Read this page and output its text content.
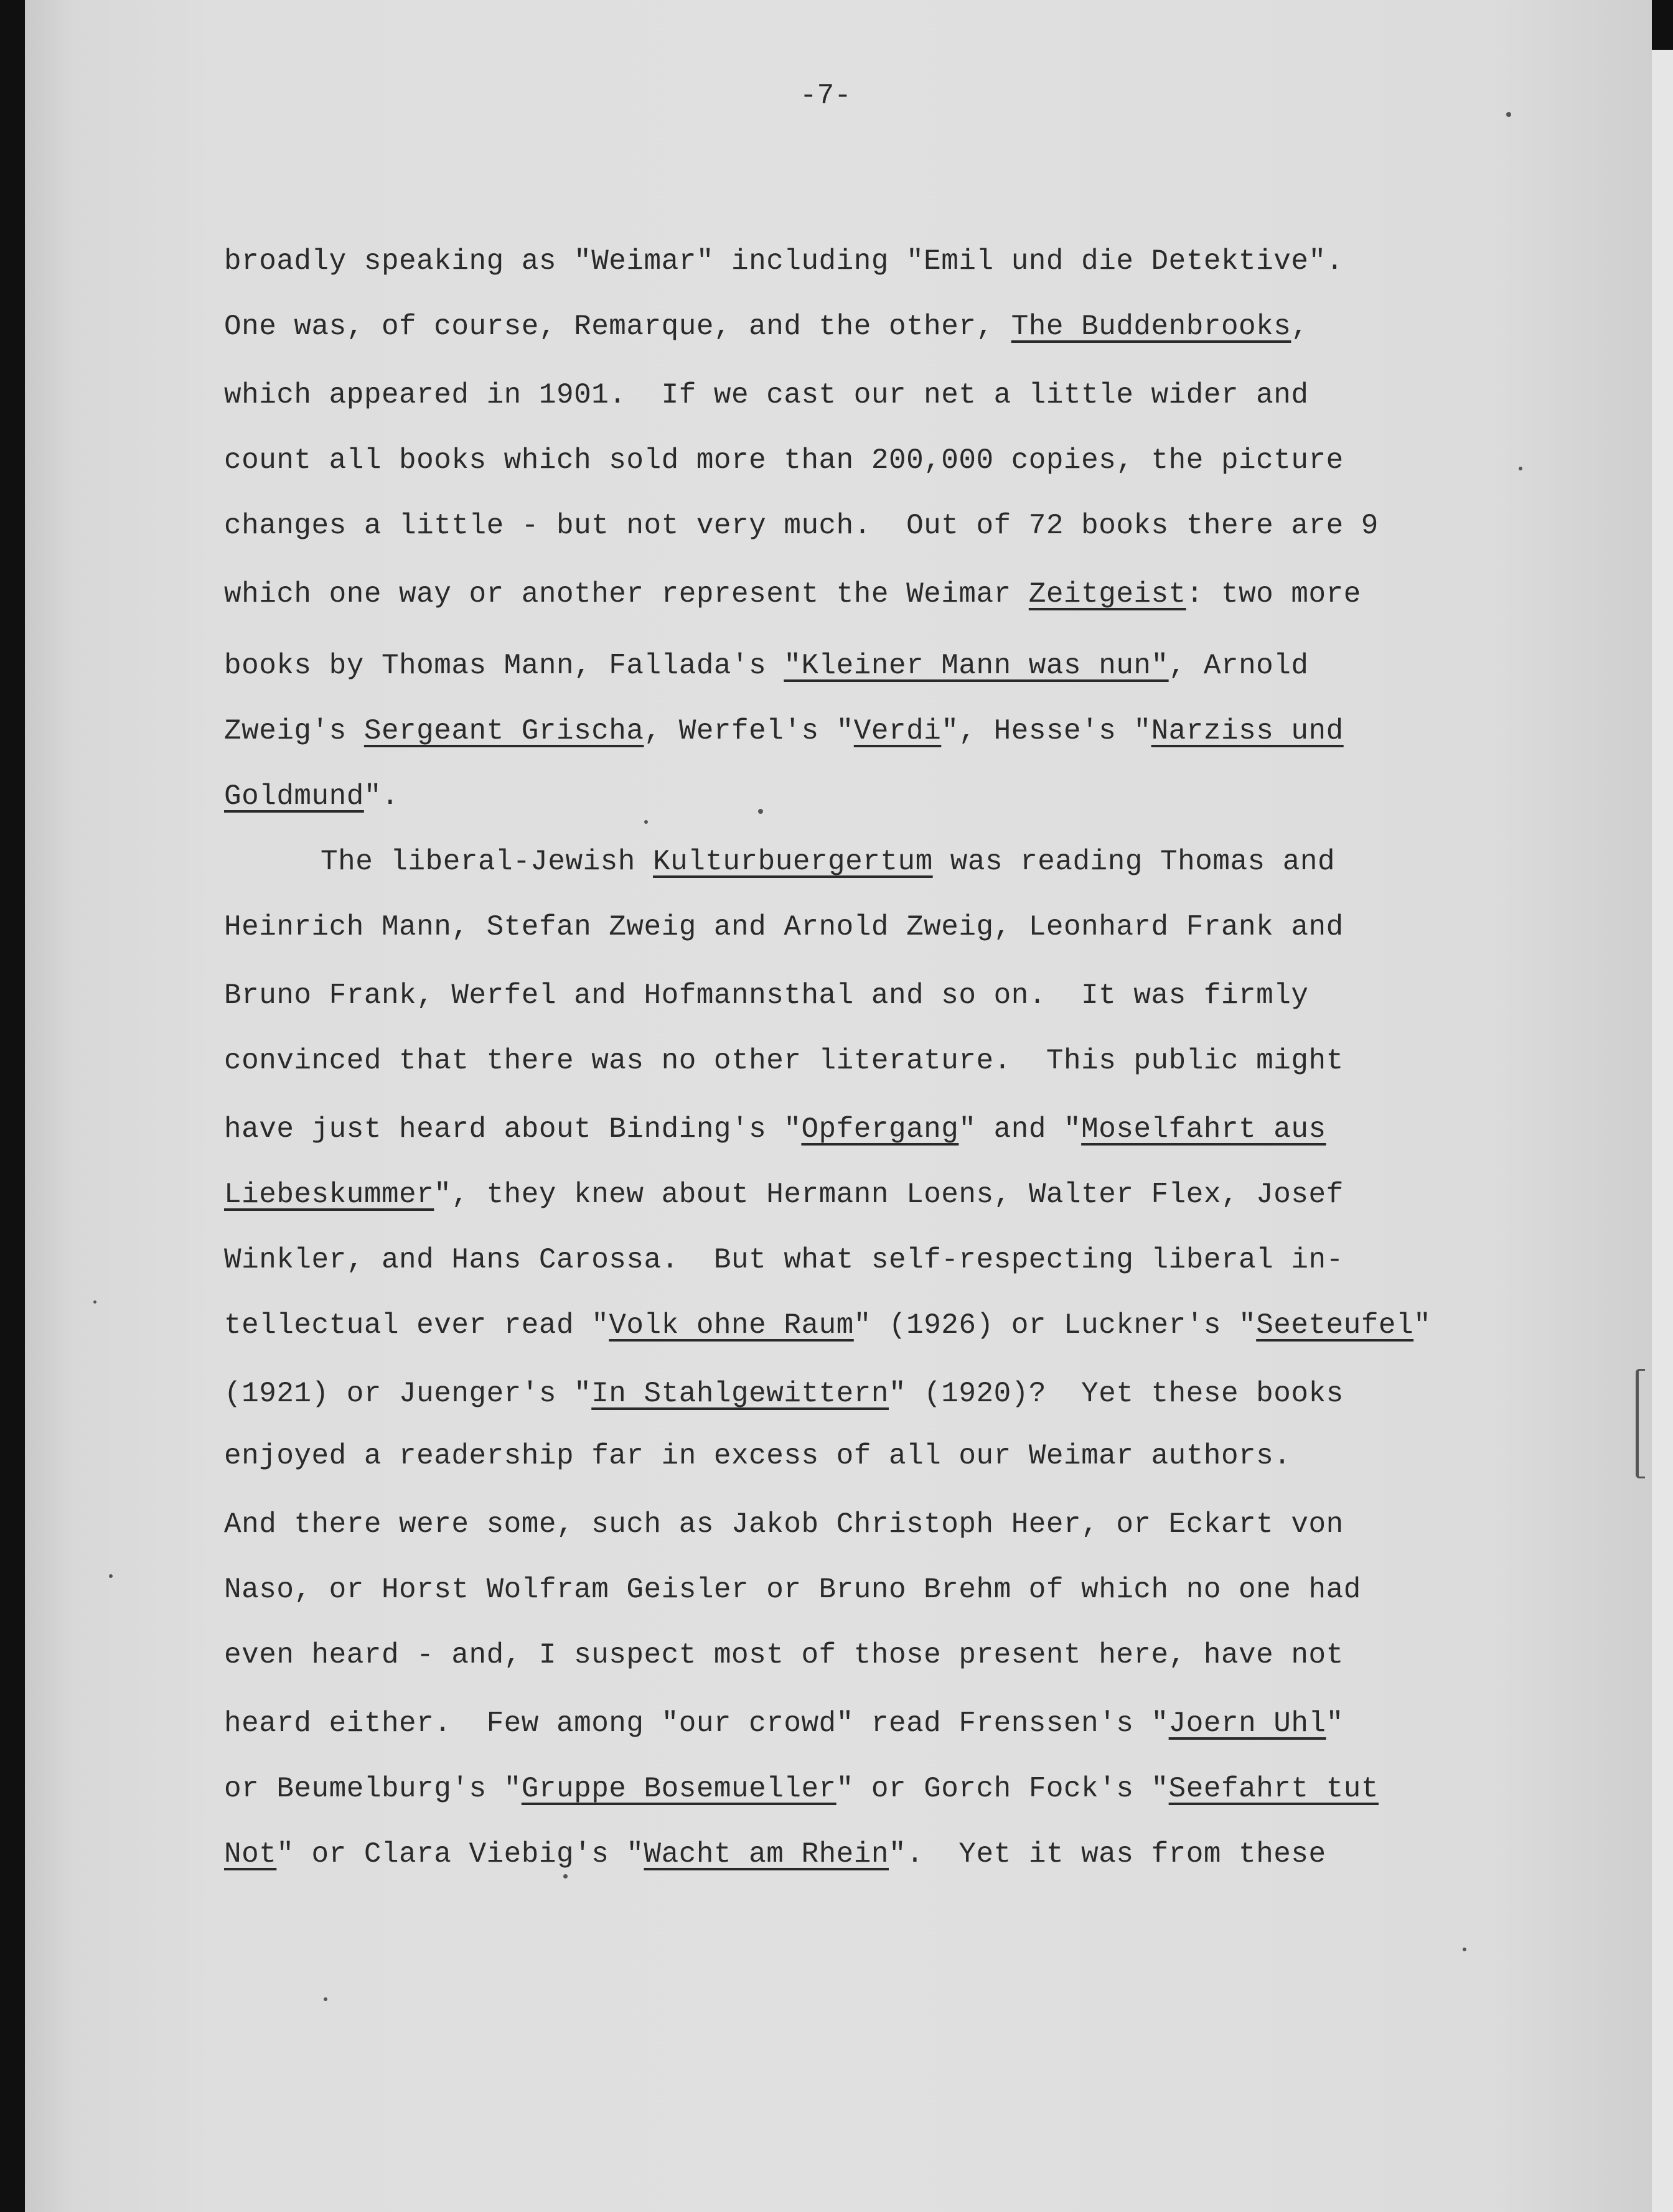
-7-
broadly speaking as "Weimar" including "Emil und die Detektive".
One was, of course, Remarque, and the other, The Buddenbrooks,
which appeared in 1901.  If we cast our net a little wider and
count all books which sold more than 200,000 copies, the picture
changes a little - but not very much.  Out of 72 books there are 9
which one way or another represent the Weimar Zeitgeist: two more
books by Thomas Mann, Fallada's "Kleiner Mann was nun", Arnold
Zweig's Sergeant Grischa, Werfel's "Verdi", Hesse's "Narziss und
Goldmund".
The liberal-Jewish Kulturbuergertum was reading Thomas and
Heinrich Mann, Stefan Zweig and Arnold Zweig, Leonhard Frank and
Bruno Frank, Werfel and Hofmannsthal and so on.  It was firmly
convinced that there was no other literature.  This public might
have just heard about Binding's "Opfergang" and "Moselfahrt aus
Liebeskummer", they knew about Hermann Loens, Walter Flex, Josef
Winkler, and Hans Carossa.  But what self-respecting liberal in-
tellectual ever read "Volk ohne Raum" (1926) or Luckner's "Seeteufel"
(1921) or Juenger's "In Stahlgewittern" (1920)?  Yet these books
enjoyed a readership far in excess of all our Weimar authors.
And there were some, such as Jakob Christoph Heer, or Eckart von
Naso, or Horst Wolfram Geisler or Bruno Brehm of which no one had
even heard - and, I suspect most of those present here, have not
heard either.  Few among "our crowd" read Frenssen's "Joern Uhl"
or Beumelburg's "Gruppe Bosemueller" or Gorch Fock's "Seefahrt tut
Not" or Clara Viebig's "Wacht am Rhein".  Yet it was from these
